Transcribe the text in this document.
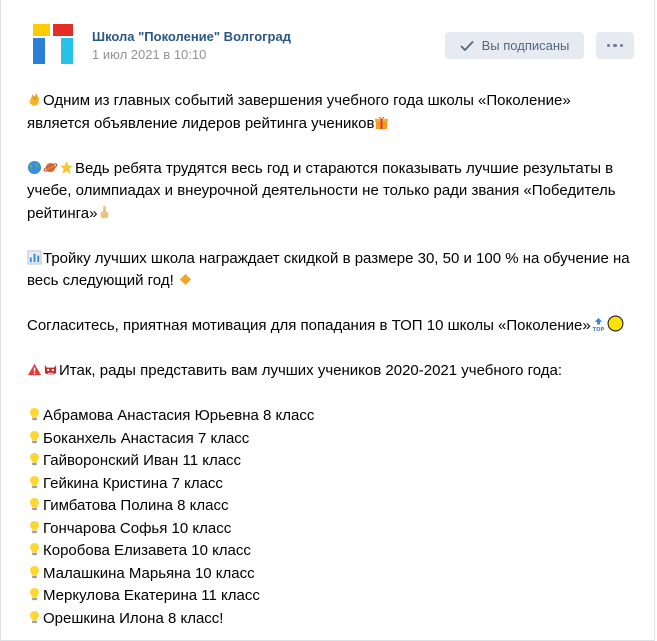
Школа "Поколение" Волгоград
1 июл 2021 в 10:10
Вы подписаны

Одним из главных событий завершения учебного года школы «Поколение» является объявление лидеров рейтинга учеников

Ведь ребята трудятся весь год и стараются показывать лучшие результаты в учебе, олимпиадах и внеурочной деятельности не только ради звания «Победитель рейтинга»

Тройку лучших школа награждает скидкой в размере 30, 50 и 100 % на обучение на весь следующий год!

Согласитесь, приятная мотивация для попадания в ТОП 10 школы «Поколение» TOP

Итак, рады представить вам лучших учеников 2020-2021 учебного года:

Абрамова Анастасия Юрьевна 8 класс

Боканхель Анастасия 7 класс

Гайворонский Иван 11 класс

Гейкина Кристина 7 класс

Гимбатова Полина 8 класс

Гончарова Софья 10 класс

Коробова Елизавета 10 класс

Малашкина Марьяна 10 класс

Меркулова Екатерина 11 класс

Орешкина Илона 8 класс!
